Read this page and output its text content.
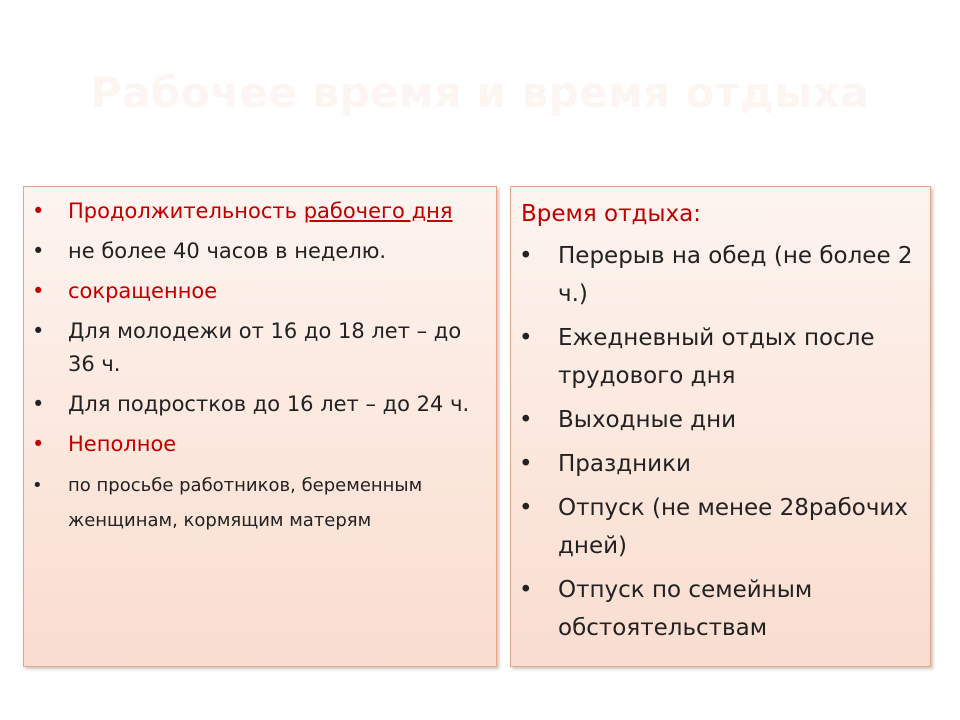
Рабочее время и время отдыха
• Продолжительность рабочего дня
• не более 40 часов в неделю.
• сокращенное
• Для молодежи от 16 до 18 лет – до 36 ч.
• Для подростков до 16 лет – до 24 ч.
• Неполное
• по просьбе работников, беременным женщинам, кормящим матерям
Время отдыха:
• Перерыв на обед (не более 2 ч.)
• Ежедневный отдых после трудового дня
• Выходные дни
• Праздники
• Отпуск (не менее 28рабочих дней)
• Отпуск по семейным обстоятельствам
